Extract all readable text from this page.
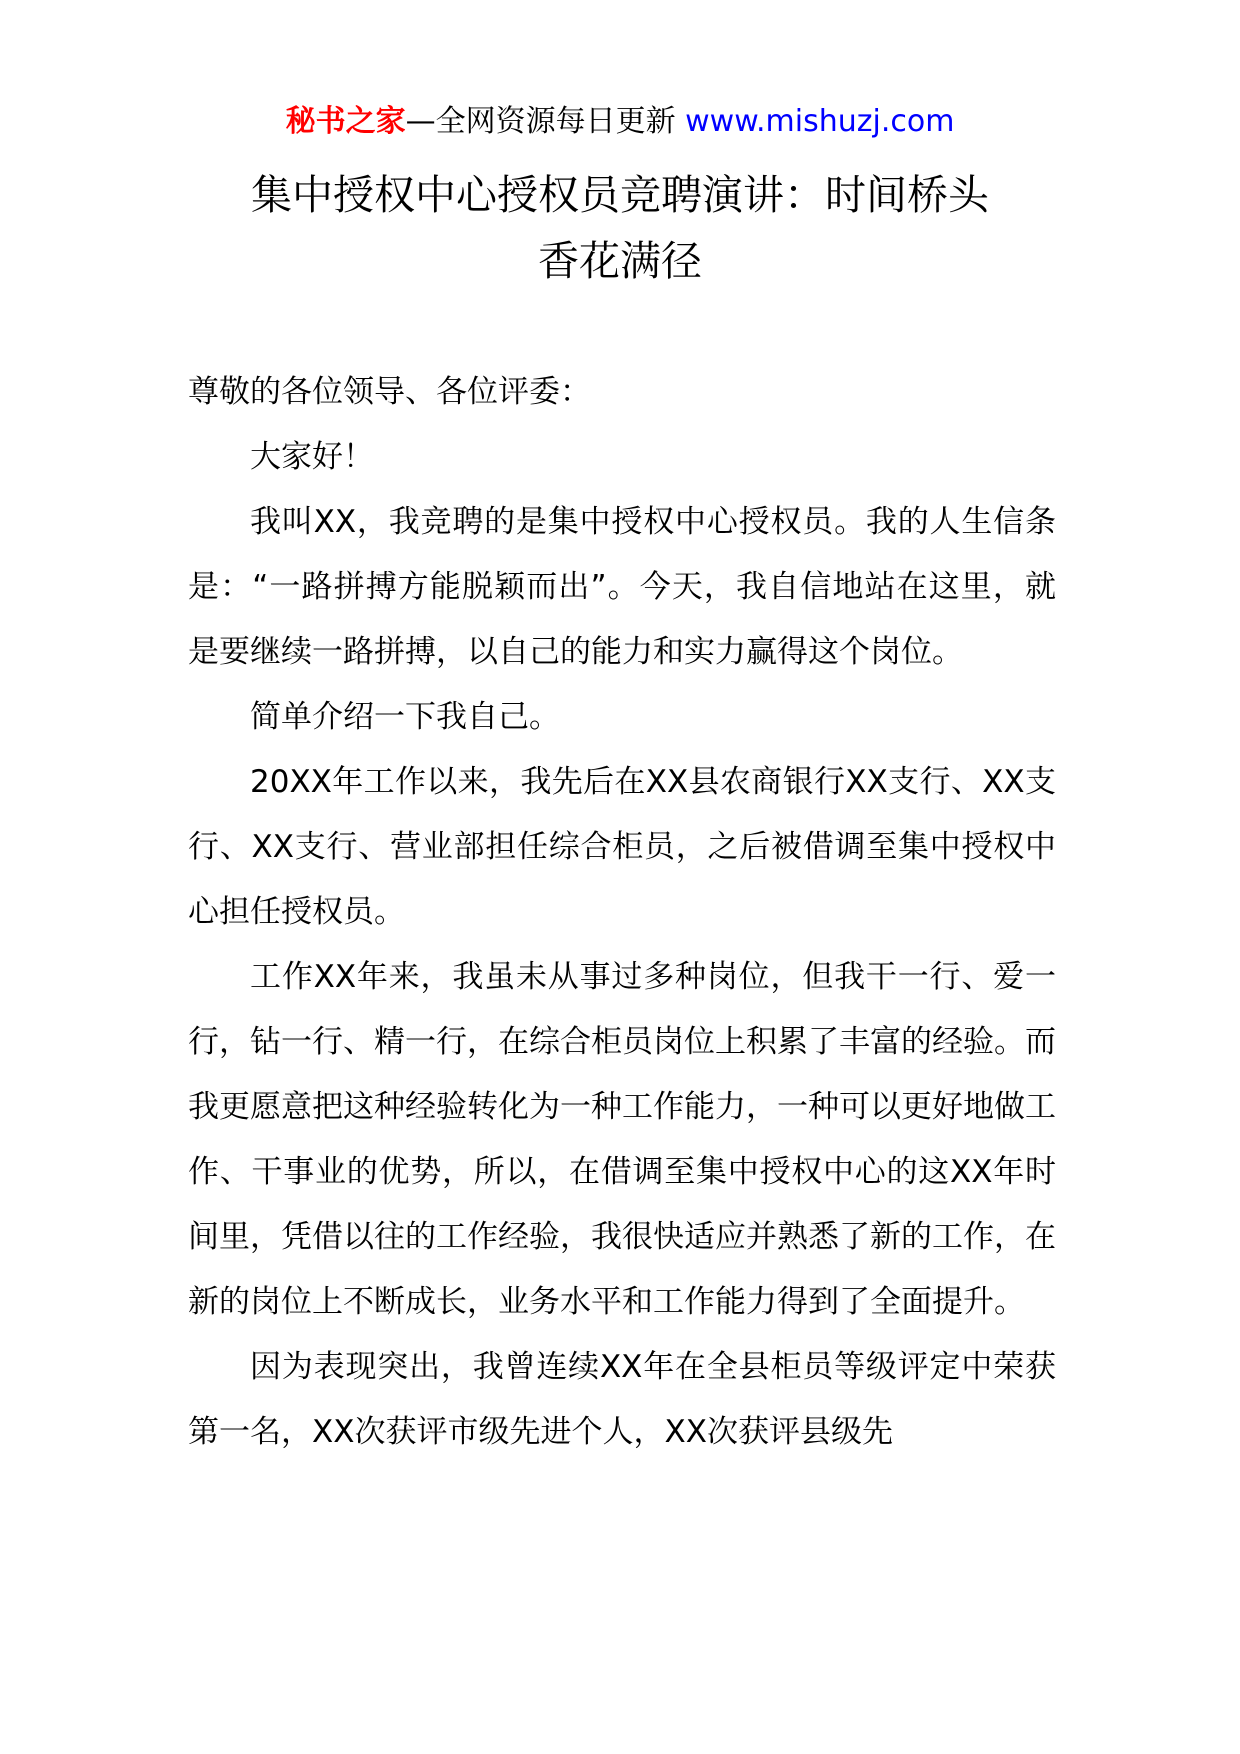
秘书之家—全网资源每日更新 www.mishuzj.com
集中授权中心授权员竞聘演讲：时间桥头
香花满径

尊敬的各位领导、各位评委：

大家好！

我叫XX，我竞聘的是集中授权中心授权员。我的人生信条是：“一路拼搏方能脱颖而出”。今天，我自信地站在这里，就是要继续一路拼搏，以自己的能力和实力赢得这个岗位。

简单介绍一下我自己。

20XX年工作以来，我先后在XX县农商银行XX支行、XX支行、XX支行、营业部担任综合柜员，之后被借调至集中授权中心担任授权员。

工作XX年来，我虽未从事过多种岗位，但我干一行、爱一行，钻一行、精一行，在综合柜员岗位上积累了丰富的经验。而我更愿意把这种经验转化为一种工作能力，一种可以更好地做工作、干事业的优势，所以，在借调至集中授权中心的这XX年时间里，凭借以往的工作经验，我很快适应并熟悉了新的工作，在新的岗位上不断成长，业务水平和工作能力得到了全面提升。

因为表现突出，我曾连续XX年在全县柜员等级评定中荣获第一名，XX次获评市级先进个人，XX次获评县级先
